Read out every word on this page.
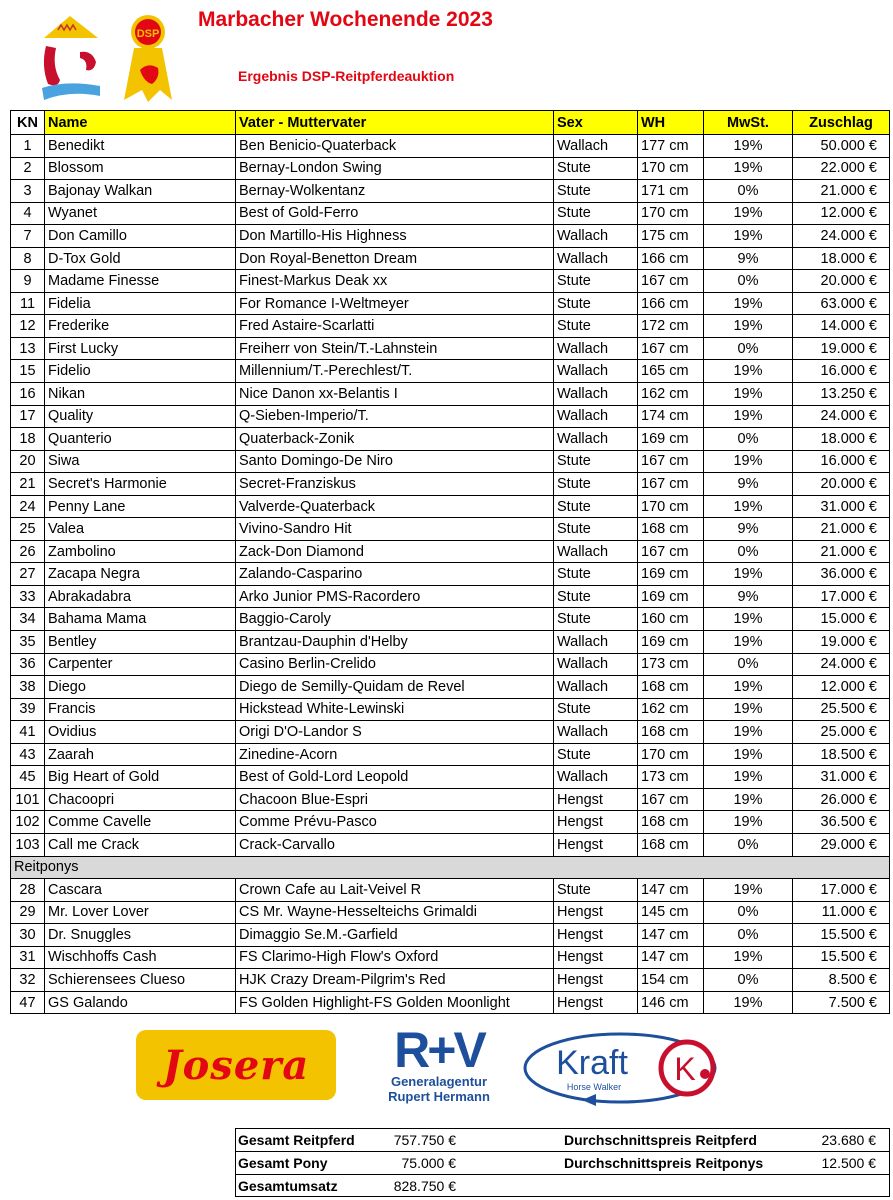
DSP
Marbacher Wochenende 2023
Ergebnis DSP-Reitpferdeauktion
KN	Name	Vater - Muttervater	Sex	WH	MwSt.	Zuschlag
1	Benedikt	Ben Benicio-Quaterback	Wallach	177 cm	19%	50.000 €
2	Blossom	Bernay-London Swing	Stute	170 cm	19%	22.000 €
3	Bajonay Walkan	Bernay-Wolkentanz	Stute	171 cm	0%	21.000 €
4	Wyanet	Best of Gold-Ferro	Stute	170 cm	19%	12.000 €
7	Don Camillo	Don Martillo-His Highness	Wallach	175 cm	19%	24.000 €
8	D-Tox Gold	Don Royal-Benetton Dream	Wallach	166 cm	9%	18.000 €
9	Madame Finesse	Finest-Markus Deak xx	Stute	167 cm	0%	20.000 €
11	Fidelia	For Romance I-Weltmeyer	Stute	166 cm	19%	63.000 €
12	Frederike	Fred Astaire-Scarlatti	Stute	172 cm	19%	14.000 €
13	First Lucky	Freiherr von Stein/T.-Lahnstein	Wallach	167 cm	0%	19.000 €
15	Fidelio	Millennium/T.-Perechlest/T.	Wallach	165 cm	19%	16.000 €
16	Nikan	Nice Danon xx-Belantis I	Wallach	162 cm	19%	13.250 €
17	Quality	Q-Sieben-Imperio/T.	Wallach	174 cm	19%	24.000 €
18	Quanterio	Quaterback-Zonik	Wallach	169 cm	0%	18.000 €
20	Siwa	Santo Domingo-De Niro	Stute	167 cm	19%	16.000 €
21	Secret's Harmonie	Secret-Franziskus	Stute	167 cm	9%	20.000 €
24	Penny Lane	Valverde-Quaterback	Stute	170 cm	19%	31.000 €
25	Valea	Vivino-Sandro Hit	Stute	168 cm	9%	21.000 €
26	Zambolino	Zack-Don Diamond	Wallach	167 cm	0%	21.000 €
27	Zacapa Negra	Zalando-Casparino	Stute	169 cm	19%	36.000 €
33	Abrakadabra	Arko Junior PMS-Racordero	Stute	169 cm	9%	17.000 €
34	Bahama Mama	Baggio-Caroly	Stute	160 cm	19%	15.000 €
35	Bentley	Brantzau-Dauphin d'Helby	Wallach	169 cm	19%	19.000 €
36	Carpenter	Casino Berlin-Crelido	Wallach	173 cm	0%	24.000 €
38	Diego	Diego de Semilly-Quidam de Revel	Wallach	168 cm	19%	12.000 €
39	Francis	Hickstead White-Lewinski	Stute	162 cm	19%	25.500 €
41	Ovidius	Origi D'O-Landor S	Wallach	168 cm	19%	25.000 €
43	Zaarah	Zinedine-Acorn	Stute	170 cm	19%	18.500 €
45	Big Heart of Gold	Best of Gold-Lord Leopold	Wallach	173 cm	19%	31.000 €
101	Chacoopri	Chacoon Blue-Espri	Hengst	167 cm	19%	26.000 €
102	Comme Cavelle	Comme Prévu-Pasco	Hengst	168 cm	19%	36.500 €
103	Call me Crack	Crack-Carvallo	Hengst	168 cm	0%	29.000 €
Reitponys						
28	Cascara	Crown Cafe au Lait-Veivel R	Stute	147 cm	19%	17.000 €
29	Mr. Lover Lover	CS Mr. Wayne-Hesselteichs Grimaldi	Hengst	145 cm	0%	11.000 €
30	Dr. Snuggles	Dimaggio Se.M.-Garfield	Hengst	147 cm	0%	15.500 €
31	Wischhoffs Cash	FS Clarimo-High Flow's Oxford	Hengst	147 cm	19%	15.500 €
32	Schierensees Clueso	HJK Crazy Dream-Pilgrim's Red	Hengst	154 cm	0%	8.500 €
47	GS Galando	FS Golden Highlight-FS Golden Moonlight	Hengst	146 cm	19%	7.500 €
Josera	R+V
Generalagentur
Rupert Hermann
Kraft
Horse Walker K
Gesamt Reitpferd	757.750 €		Durchschnittspreis Reitpferd	23.680 €
Gesamt Pony	75.000 €		Durchschnittspreis Reitponys	12.500 €
Gesamtumsatz	828.750 €			
